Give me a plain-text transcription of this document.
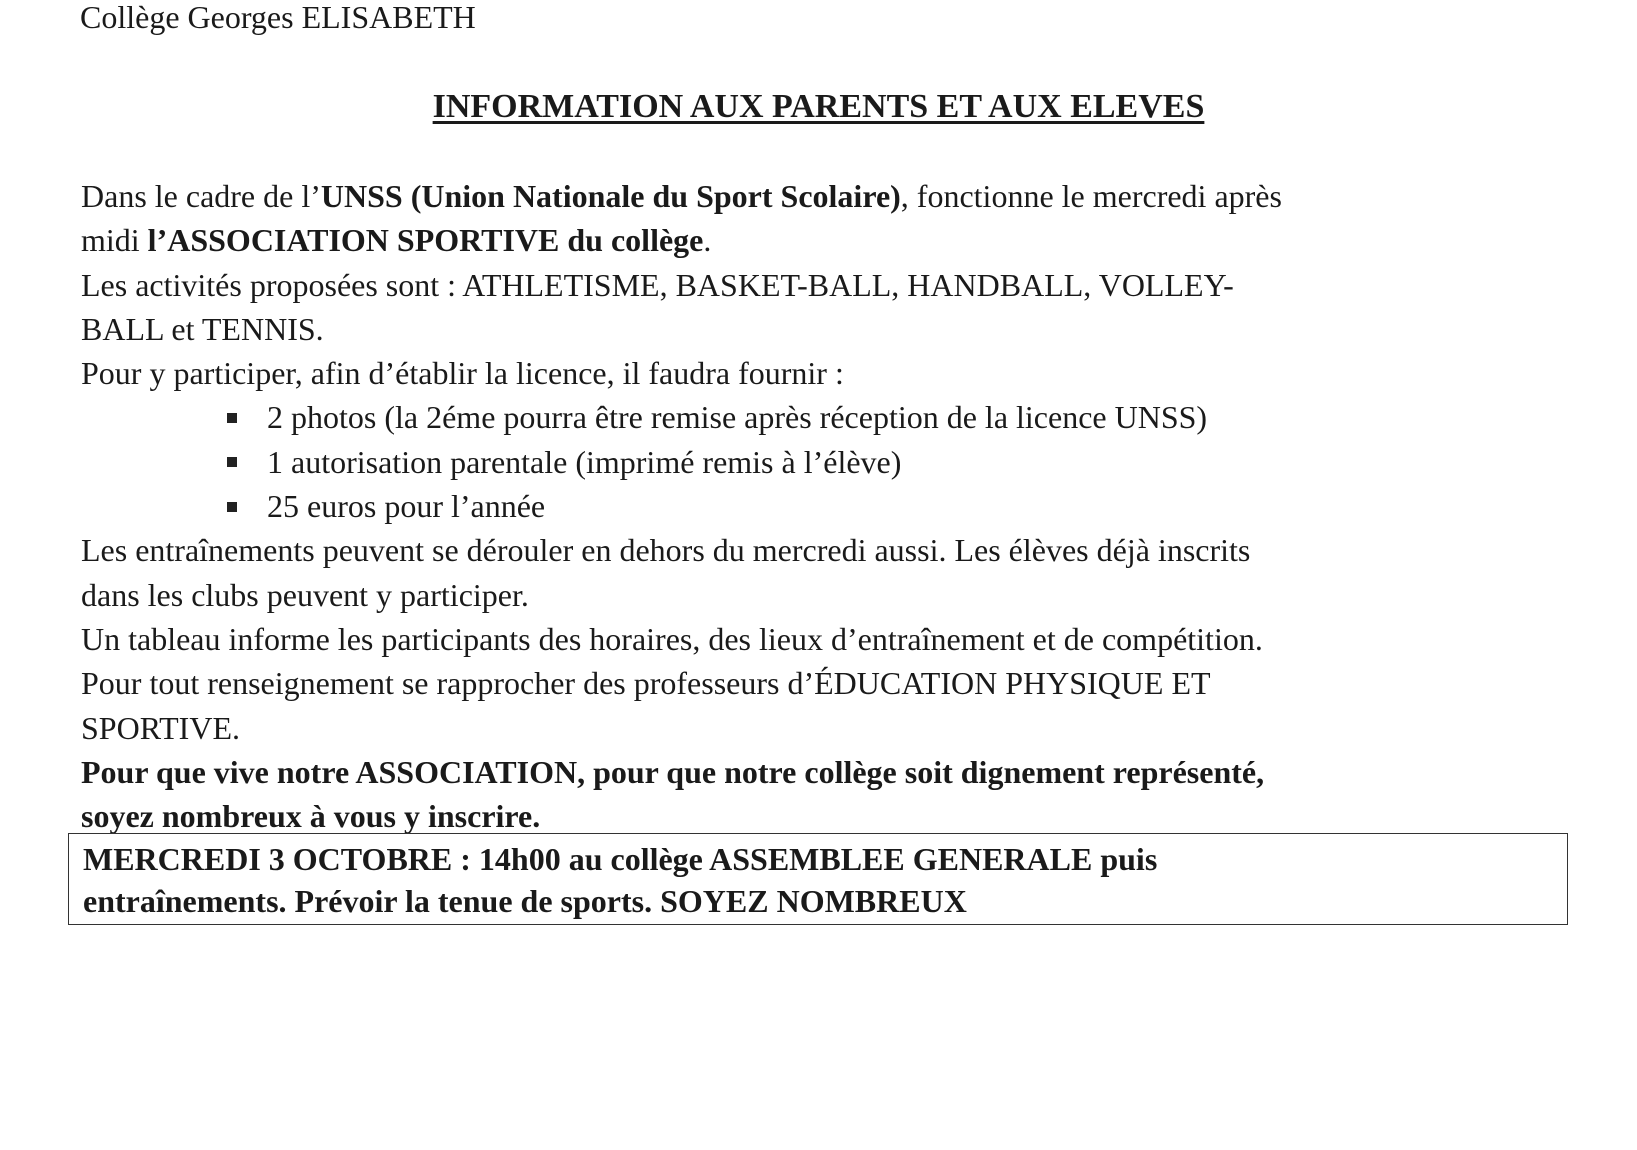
Collège Georges ELISABETH
INFORMATION AUX PARENTS ET AUX ELEVES
Dans le cadre de l’UNSS (Union Nationale du Sport Scolaire), fonctionne le mercredi après
midi l’ASSOCIATION SPORTIVE du collège.
Les activités proposées sont : ATHLETISME, BASKET-BALL, HANDBALL, VOLLEY-
BALL et TENNIS.
Pour y participer, afin d’établir la licence, il faudra fournir :
2 photos (la 2éme pourra être remise après réception de la licence UNSS)
1 autorisation parentale (imprimé remis à l’élève)
25 euros pour l’année
Les entraînements peuvent se dérouler en dehors du mercredi aussi. Les élèves déjà inscrits
dans les clubs peuvent y participer.
Un tableau informe les participants des horaires, des lieux d’entraînement et de compétition.
Pour tout renseignement se rapprocher des professeurs d’ÉDUCATION PHYSIQUE ET
SPORTIVE.
Pour que vive notre ASSOCIATION, pour que notre collège soit dignement représenté,
soyez nombreux à vous y inscrire.
MERCREDI 3 OCTOBRE : 14h00 au collège ASSEMBLEE GENERALE puis
entraînements. Prévoir la tenue de sports. SOYEZ NOMBREUX
